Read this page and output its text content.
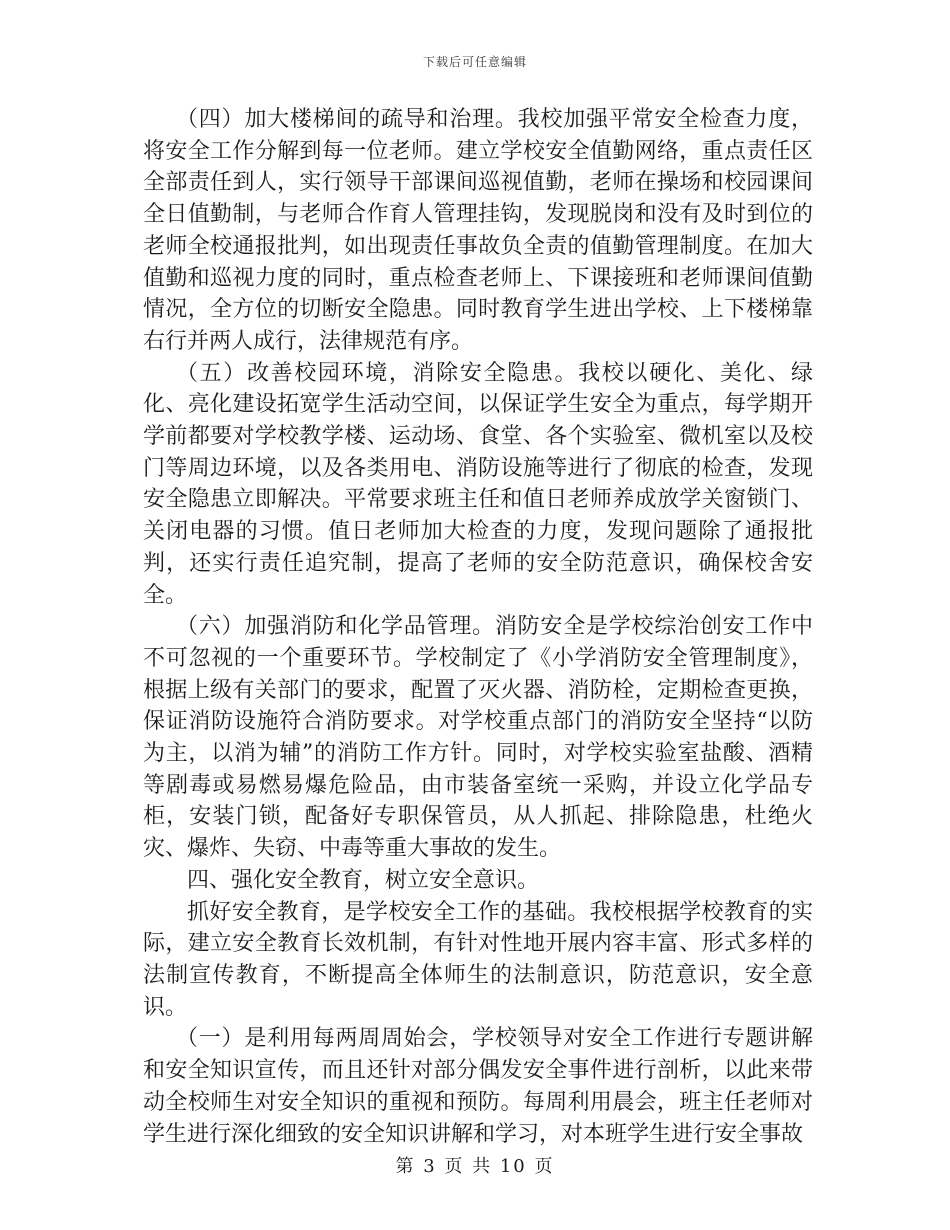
下载后可任意编辑

（四）加大楼梯间的疏导和治理。我校加强平常安全检查力度，将安全工作分解到每一位老师。建立学校安全值勤网络，重点责任区全部责任到人，实行领导干部课间巡视值勤，老师在操场和校园课间全日值勤制，与老师合作育人管理挂钩，发现脱岗和没有及时到位的老师全校通报批判，如出现责任事故负全责的值勤管理制度。在加大值勤和巡视力度的同时，重点检查老师上、下课接班和老师课间值勤情况，全方位的切断安全隐患。同时教育学生进出学校、上下楼梯靠右行并两人成行，法律规范有序。

（五）改善校园环境，消除安全隐患。我校以硬化、美化、绿化、亮化建设拓宽学生活动空间，以保证学生安全为重点，每学期开学前都要对学校教学楼、运动场、食堂、各个实验室、微机室以及校门等周边环境，以及各类用电、消防设施等进行了彻底的检查，发现安全隐患立即解决。平常要求班主任和值日老师养成放学关窗锁门、关闭电器的习惯。值日老师加大检查的力度，发现问题除了通报批判，还实行责任追究制，提高了老师的安全防范意识，确保校舍安全。

（六）加强消防和化学品管理。消防安全是学校综治创安工作中不可忽视的一个重要环节。学校制定了《小学消防安全管理制度》，根据上级有关部门的要求，配置了灭火器、消防栓，定期检查更换，保证消防设施符合消防要求。对学校重点部门的消防安全坚持“以防为主，以消为辅”的消防工作方针。同时，对学校实验室盐酸、酒精等剧毒或易燃易爆危险品，由市装备室统一采购，并设立化学品专柜，安装门锁，配备好专职保管员，从人抓起、排除隐患，杜绝火灾、爆炸、失窃、中毒等重大事故的发生。

四、强化安全教育，树立安全意识。

抓好安全教育，是学校安全工作的基础。我校根据学校教育的实际，建立安全教育长效机制，有针对性地开展内容丰富、形式多样的法制宣传教育，不断提高全体师生的法制意识，防范意识，安全意识。

（一）是利用每两周周始会，学校领导对安全工作进行专题讲解和安全知识宣传，而且还针对部分偶发安全事件进行剖析，以此来带动全校师生对安全知识的重视和预防。每周利用晨会，班主任老师对学生进行深化细致的安全知识讲解和学习，对本班学生进行安全事故

第 3 页 共 10 页
